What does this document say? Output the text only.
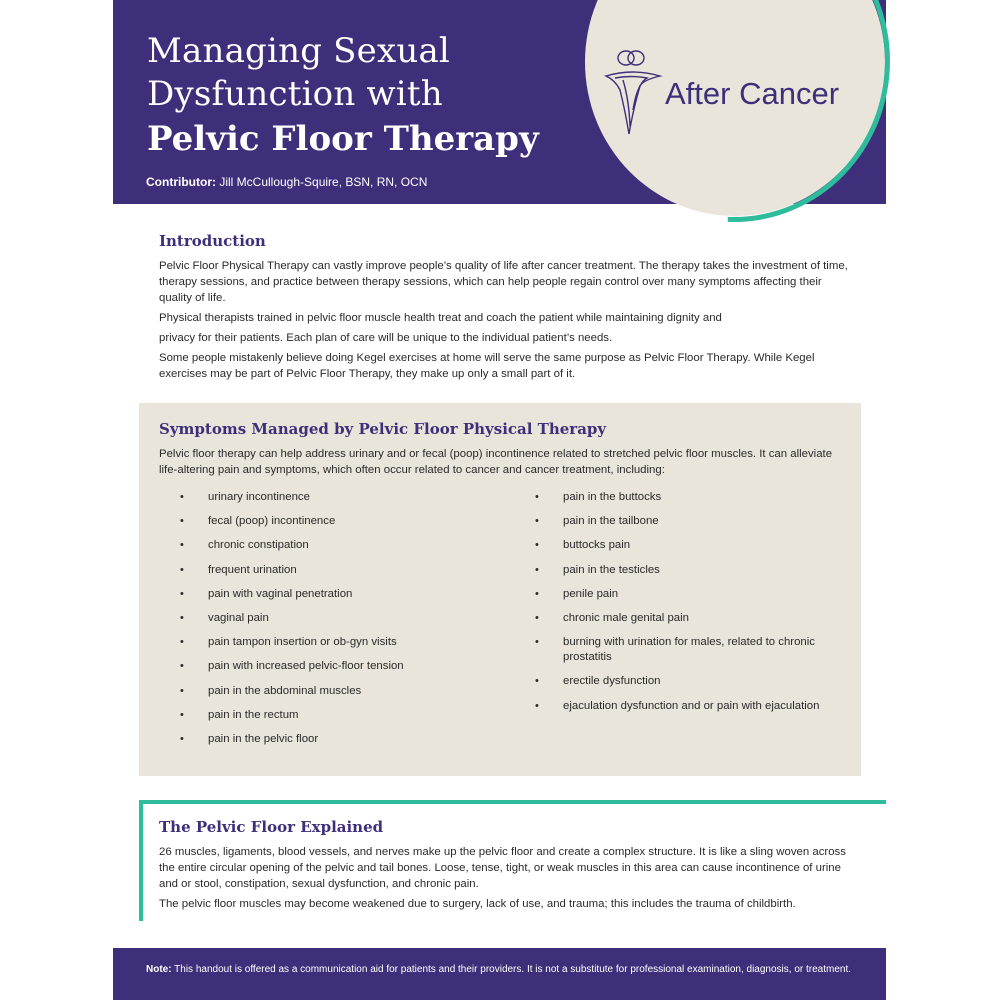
Managing Sexual
Dysfunction with
Pelvic Floor Therapy
Contributor: Jill McCullough-Squire, BSN, RN, OCN
After Cancer
Introduction

Pelvic Floor Physical Therapy can vastly improve people’s quality of life after cancer treatment. The therapy takes the investment of time, therapy sessions, and practice between therapy sessions, which can help people regain control over many symptoms affecting their quality of life.

Physical therapists trained in pelvic floor muscle health treat and coach the patient while maintaining dignity and

privacy for their patients. Each plan of care will be unique to the individual patient’s needs.

Some people mistakenly believe doing Kegel exercises at home will serve the same purpose as Pelvic Floor Therapy. While Kegel exercises may be part of Pelvic Floor Therapy, they make up only a small part of it.

Symptoms Managed by Pelvic Floor Physical Therapy

Pelvic floor therapy can help address urinary and or fecal (poop) incontinence related to stretched pelvic floor muscles. It can alleviate life-altering pain and symptoms, which often occur related to cancer and cancer treatment, including:

• urinary incontinence
• fecal (poop) incontinence
• chronic constipation
• frequent urination
• pain with vaginal penetration
• vaginal pain
• pain tampon insertion or ob-gyn visits
• pain with increased pelvic-floor tension
• pain in the abdominal muscles
• pain in the rectum
• pain in the pelvic floor
• pain in the buttocks
• pain in the tailbone
• buttocks pain
• pain in the testicles
• penile pain
• chronic male genital pain
• burning with urination for males, related to chronic prostatitis
• erectile dysfunction
• ejaculation dysfunction and or pain with ejaculation
The Pelvic Floor Explained

26 muscles, ligaments, blood vessels, and nerves make up the pelvic floor and create a complex structure. It is like a sling woven across the entire circular opening of the pelvic and tail bones. Loose, tense, tight, or weak muscles in this area can cause incontinence of urine and or stool, constipation, sexual dysfunction, and chronic pain.

The pelvic floor muscles may become weakened due to surgery, lack of use, and trauma; this includes the trauma of childbirth.

Note: This handout is offered as a communication aid for patients and their providers. It is not a substitute for professional examination, diagnosis, or treatment.
